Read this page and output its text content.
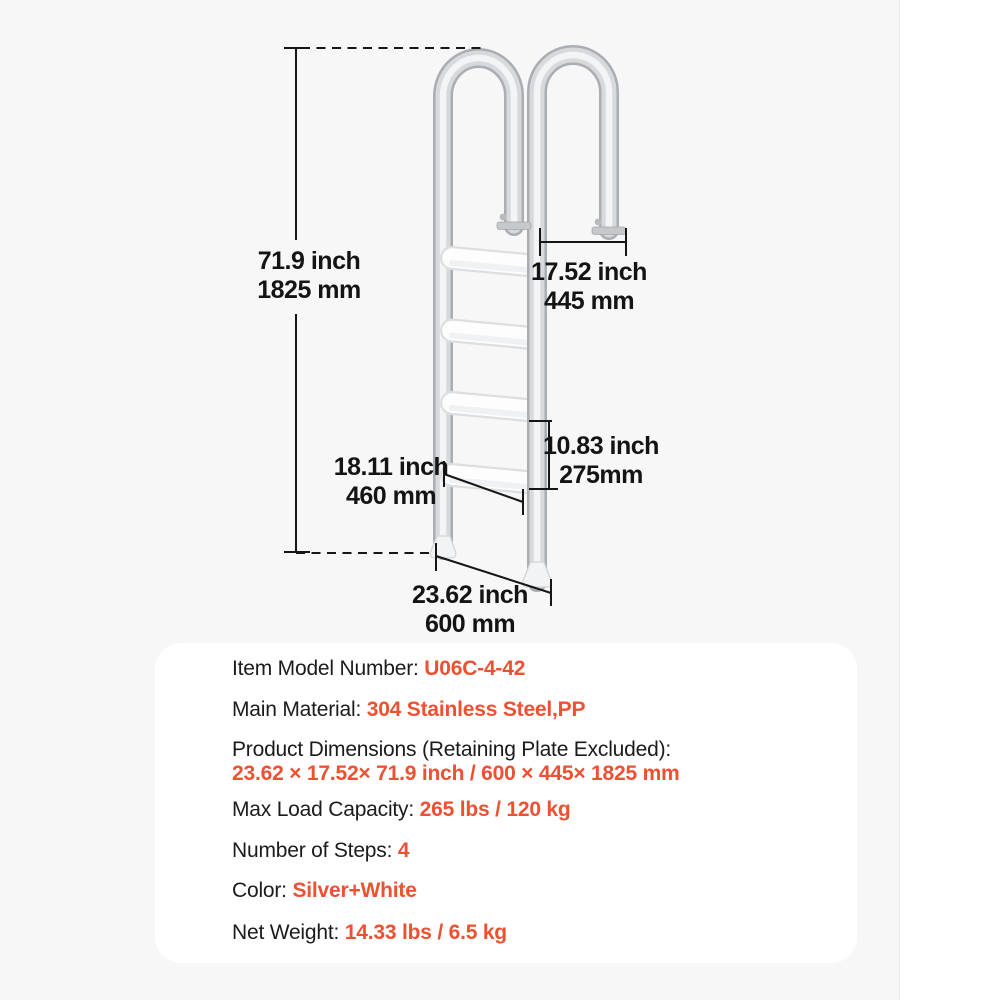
71.9 inch
1825 mm
17.52 inch
445 mm
10.83 inch
275mm
18.11 inch
460 mm
23.62 inch
600 mm
Item Model Number: U06C-4-42
Main Material: 304 Stainless Steel,PP
Product Dimensions (Retaining Plate Excluded):
23.62 × 17.52× 71.9 inch / 600 × 445× 1825 mm
Max Load Capacity: 265 lbs / 120 kg
Number of Steps: 4
Color: Silver+White
Net Weight: 14.33 lbs / 6.5 kg
